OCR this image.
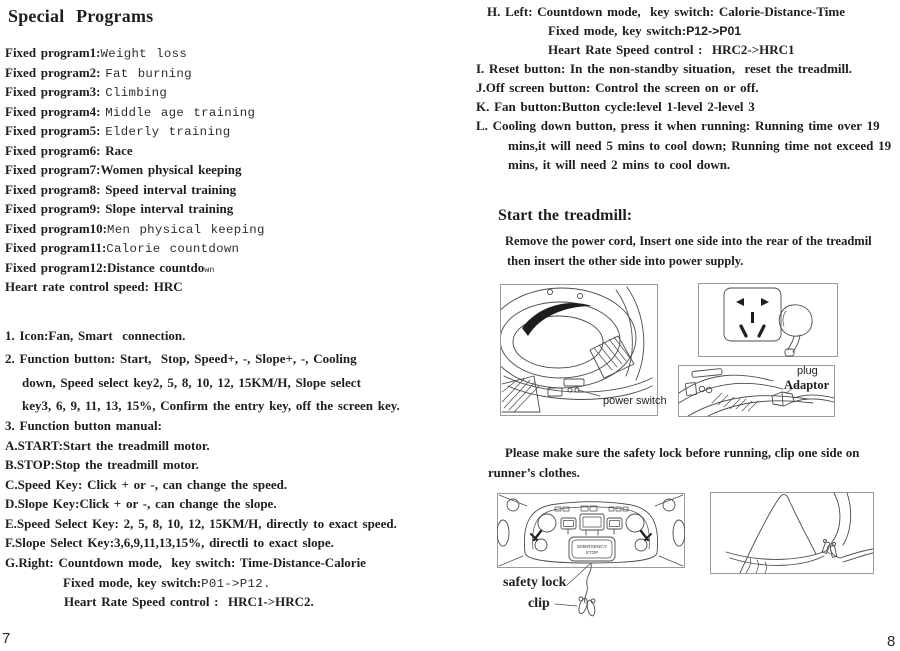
Special Programs
Fixed program1:Weight loss
Fixed program2: Fat burning
Fixed program3: Climbing
Fixed program4: Middle age training
Fixed program5: Elderly training
Fixed program6: Race
Fixed program7:Women physical keeping
Fixed program8: Speed interval training
Fixed program9: Slope interval training
Fixed program10:Men physical keeping
Fixed program11:Calorie countdown
Fixed program12:Distance countdown
Heart rate control speed: HRC
1. Icon:Fan, Smart  connection.
2. Function button: Start,  Stop, Speed+, -, Slope+, -, Cooling
down, Speed select key2, 5, 8, 10, 12, 15KM/H, Slope select
key3, 6, 9, 11, 13, 15%, Confirm the entry key, off the screen key.
3. Function button manual:
A.START:Start the treadmill motor.
B.STOP:Stop the treadmill motor.
C.Speed Key: Click + or -, can change the speed.
D.Slope Key:Click + or -, can change the slope.
E.Speed Select Key: 2, 5, 8, 10, 12, 15KM/H, directly to exact speed.
F.Slope Select Key:3,6,9,11,13,15%, directli to exact slope.
G.Right: Countdown mode,  key switch: Time-Distance-Calorie
Fixed mode, key switch:P01->P12.
Heart Rate Speed control :  HRC1->HRC2.
7
H. Left: Countdown mode,  key switch: Calorie-Distance-Time
Fixed mode, key switch:P12->P01
Heart Rate Speed control :  HRC2->HRC1
I. Reset button: In the non-standby situation,  reset the treadmill.
J.Off screen button: Control the screen on or off.
K. Fan button:Button cycle:level 1-level 2-level 3
L. Cooling down button, press it when running: Running time over 19
mins,it will need 5 mins to cool down; Running time not exceed 19
mins, it will need 2 mins to cool down.
Start the treadmill:
Remove the power cord, Insert one side into the rear of the treadmil
then insert the other side into power supply.
power switch
plug
Adaptor
Please make sure the safety lock before running, clip one side on
runner’s clothes.
EMERGENCY
STOP
safety lock
clip
8
